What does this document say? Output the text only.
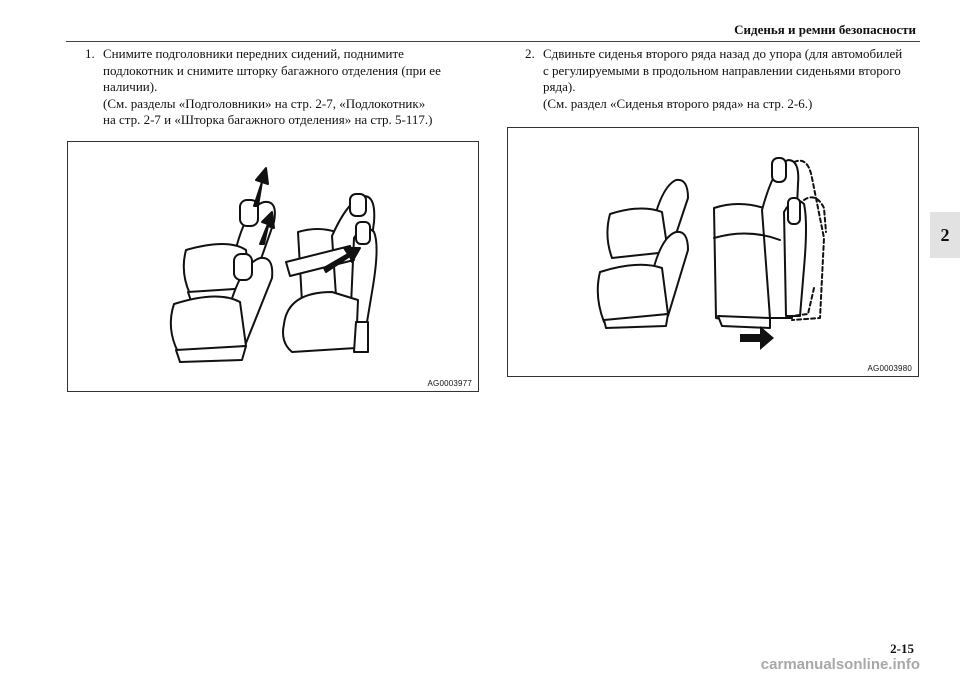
Сиденья и ремни безопасности
2
1. Снимите подголовники передних сидений, поднимите
подлокотник и снимите шторку багажного отделения (при ее
наличии).
(См. разделы «Подголовники» на стр. 2-7, «Подлокотник»
на стр. 2-7 и «Шторка багажного отделения» на стр. 5-117.)
2. Сдвиньте сиденья второго ряда назад до упора (для автомобилей
с регулируемыми в продольном направлении сиденьями второго
ряда).
(См. раздел «Сиденья второго ряда» на стр. 2-6.)
AG0003977
AG0003980
2-15
carmanualsonline.info
